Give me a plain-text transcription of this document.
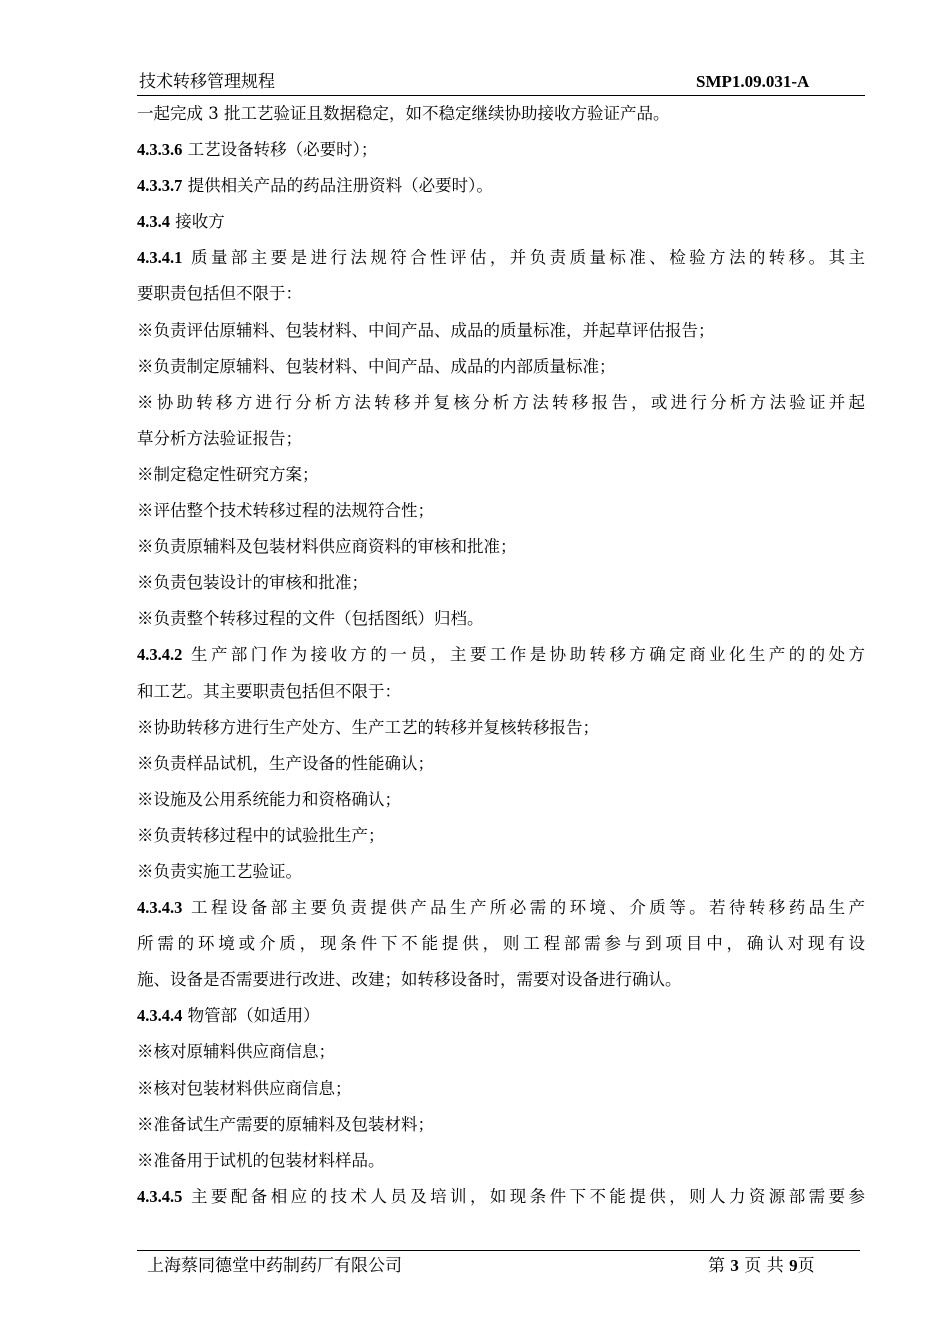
技术转移管理规程	SMP1.09.031-A
一起完成 3 批工艺验证且数据稳定，如不稳定继续协助接收方验证产品。
4.3.3.6 工艺设备转移（必要时）；
4.3.3.7 提供相关产品的药品注册资料（必要时）。
4.3.4 接收方
4.3.4.1 质量部主要是进行法规符合性评估，并负责质量标准、检验方法的转移。其主
要职责包括但不限于：
※负责评估原辅料、包装材料、中间产品、成品的质量标准，并起草评估报告；
※负责制定原辅料、包装材料、中间产品、成品的内部质量标准；
※协助转移方进行分析方法转移并复核分析方法转移报告，或进行分析方法验证并起
草分析方法验证报告；
※制定稳定性研究方案；
※评估整个技术转移过程的法规符合性；
※负责原辅料及包装材料供应商资料的审核和批准；
※负责包装设计的审核和批准；
※负责整个转移过程的文件（包括图纸）归档。
4.3.4.2 生产部门作为接收方的一员，主要工作是协助转移方确定商业化生产的的处方
和工艺。其主要职责包括但不限于：
※协助转移方进行生产处方、生产工艺的转移并复核转移报告；
※负责样品试机，生产设备的性能确认；
※设施及公用系统能力和资格确认；
※负责转移过程中的试验批生产；
※负责实施工艺验证。
4.3.4.3 工程设备部主要负责提供产品生产所必需的环境、介质等。若待转移药品生产
所需的环境或介质，现条件下不能提供，则工程部需参与到项目中，确认对现有设
施、设备是否需要进行改进、改建；如转移设备时，需要对设备进行确认。
4.3.4.4 物管部（如适用）
※核对原辅料供应商信息；
※核对包装材料供应商信息；
※准备试生产需要的原辅料及包装材料；
※准备用于试机的包装材料样品。
4.3.4.5 主要配备相应的技术人员及培训，如现条件下不能提供，则人力资源部需要参
上海蔡同德堂中药制药厂有限公司	第 3 页 共 9页
